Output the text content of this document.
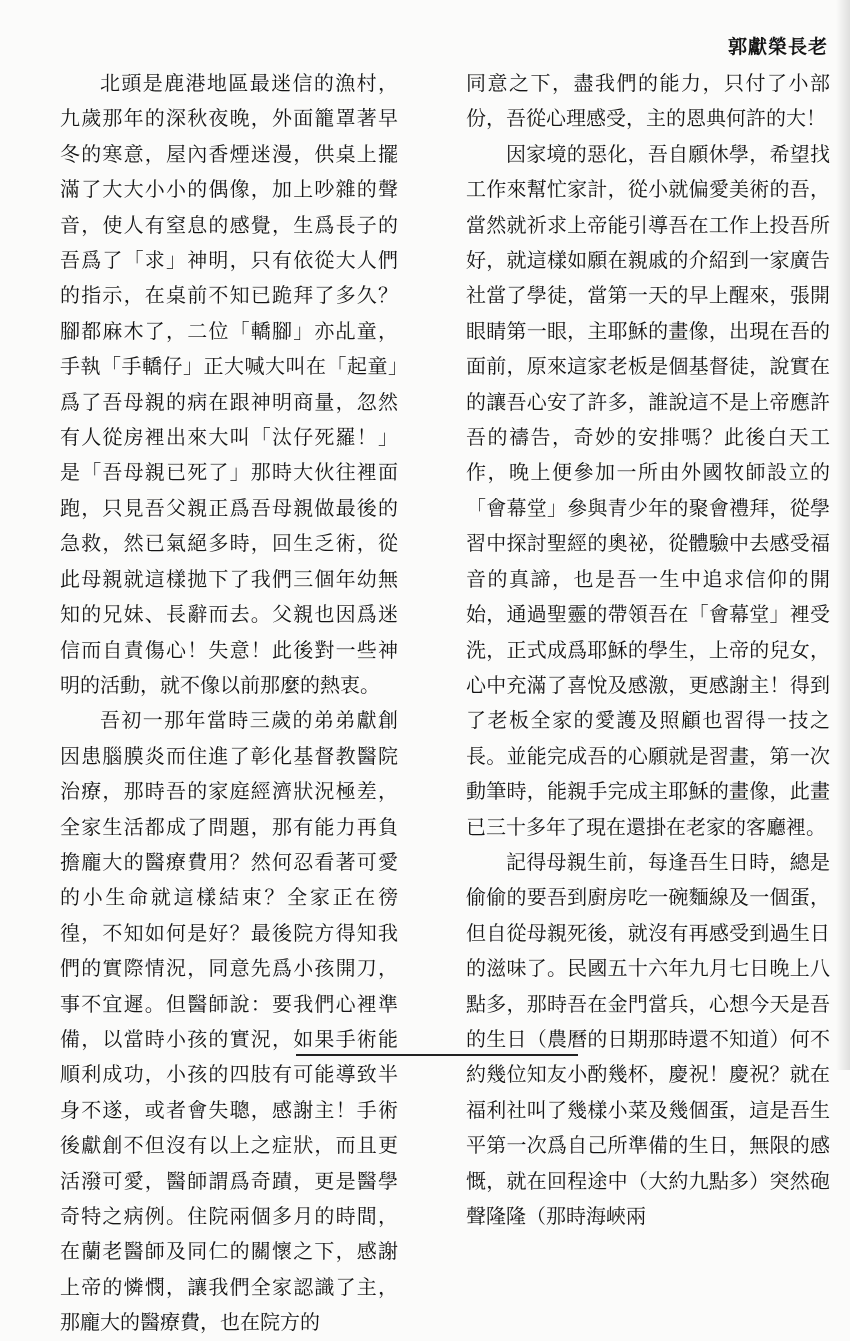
郭獻榮長老

北頭是鹿港地區最迷信的漁村，九歲那年的深秋夜晚，外面籠罩著早冬的寒意，屋內香煙迷漫，供桌上擺滿了大大小小的偶像，加上吵雜的聲音，使人有窒息的感覺，生爲長子的吾爲了「求」神明，只有依從大人們的指示，在桌前不知已跪拜了多久？腳都麻木了，二位「轎腳」亦乩童，手執「手轎仔」正大喊大叫在「起童」爲了吾母親的病在跟神明商量，忽然有人從房裡出來大叫「汰仔死羅！」是「吾母親已死了」那時大伙往裡面跑，只見吾父親正爲吾母親做最後的急救，然已氣絕多時，回生乏術，從此母親就這樣拋下了我們三個年幼無知的兄妹、長辭而去。父親也因爲迷信而自責傷心！失意！此後對一些神明的活動，就不像以前那麼的熱衷。

吾初一那年當時三歲的弟弟獻創因患腦膜炎而住進了彰化基督教醫院治療，那時吾的家庭經濟狀況極差，全家生活都成了問題，那有能力再負擔龐大的醫療費用？然何忍看著可愛的小生命就這樣結束？全家正在徬徨，不知如何是好？最後院方得知我們的實際情況，同意先爲小孩開刀，事不宜遲。但醫師說：要我們心裡準備，以當時小孩的實況，如果手術能順利成功，小孩的四肢有可能導致半身不遂，或者會失聰，感謝主！手術後獻創不但沒有以上之症狀，而且更活潑可愛，醫師謂爲奇蹟，更是醫學奇特之病例。住院兩個多月的時間，在蘭老醫師及同仁的關懷之下，感謝上帝的憐憫，讓我們全家認識了主，那龐大的醫療費，也在院方的

同意之下，盡我們的能力，只付了小部份，吾從心理感受，主的恩典何許的大！

因家境的惡化，吾自願休學，希望找工作來幫忙家計，從小就偏愛美術的吾，當然就祈求上帝能引導吾在工作上投吾所好，就這樣如願在親戚的介紹到一家廣告社當了學徒，當第一天的早上醒來，張開眼睛第一眼，主耶穌的畫像，出現在吾的面前，原來這家老板是個基督徒，說實在的讓吾心安了許多，誰說這不是上帝應許吾的禱告，奇妙的安排嗎？此後白天工作，晚上便參加一所由外國牧師設立的「會幕堂」參與青少年的聚會禮拜，從學習中探討聖經的奧祕，從體驗中去感受福音的真諦，也是吾一生中追求信仰的開始，通過聖靈的帶領吾在「會幕堂」裡受洗，正式成爲耶穌的學生，上帝的兒女，心中充滿了喜悅及感激，更感謝主！得到了老板全家的愛護及照顧也習得一技之長。並能完成吾的心願就是習畫，第一次動筆時，能親手完成主耶穌的畫像，此畫已三十多年了現在還掛在老家的客廳裡。

記得母親生前，每逢吾生日時，總是偷偷的要吾到廚房吃一碗麵線及一個蛋，但自從母親死後，就沒有再感受到過生日的滋味了。民國五十六年九月七日晚上八點多，那時吾在金門當兵，心想今天是吾的生日（農曆的日期那時還不知道）何不約幾位知友小酌幾杯，慶祝！慶祝？就在福利社叫了幾樣小菜及幾個蛋，這是吾生平第一次爲自己所準備的生日，無限的感慨，就在回程途中（大約九點多）突然砲聲隆隆（那時海峽兩
